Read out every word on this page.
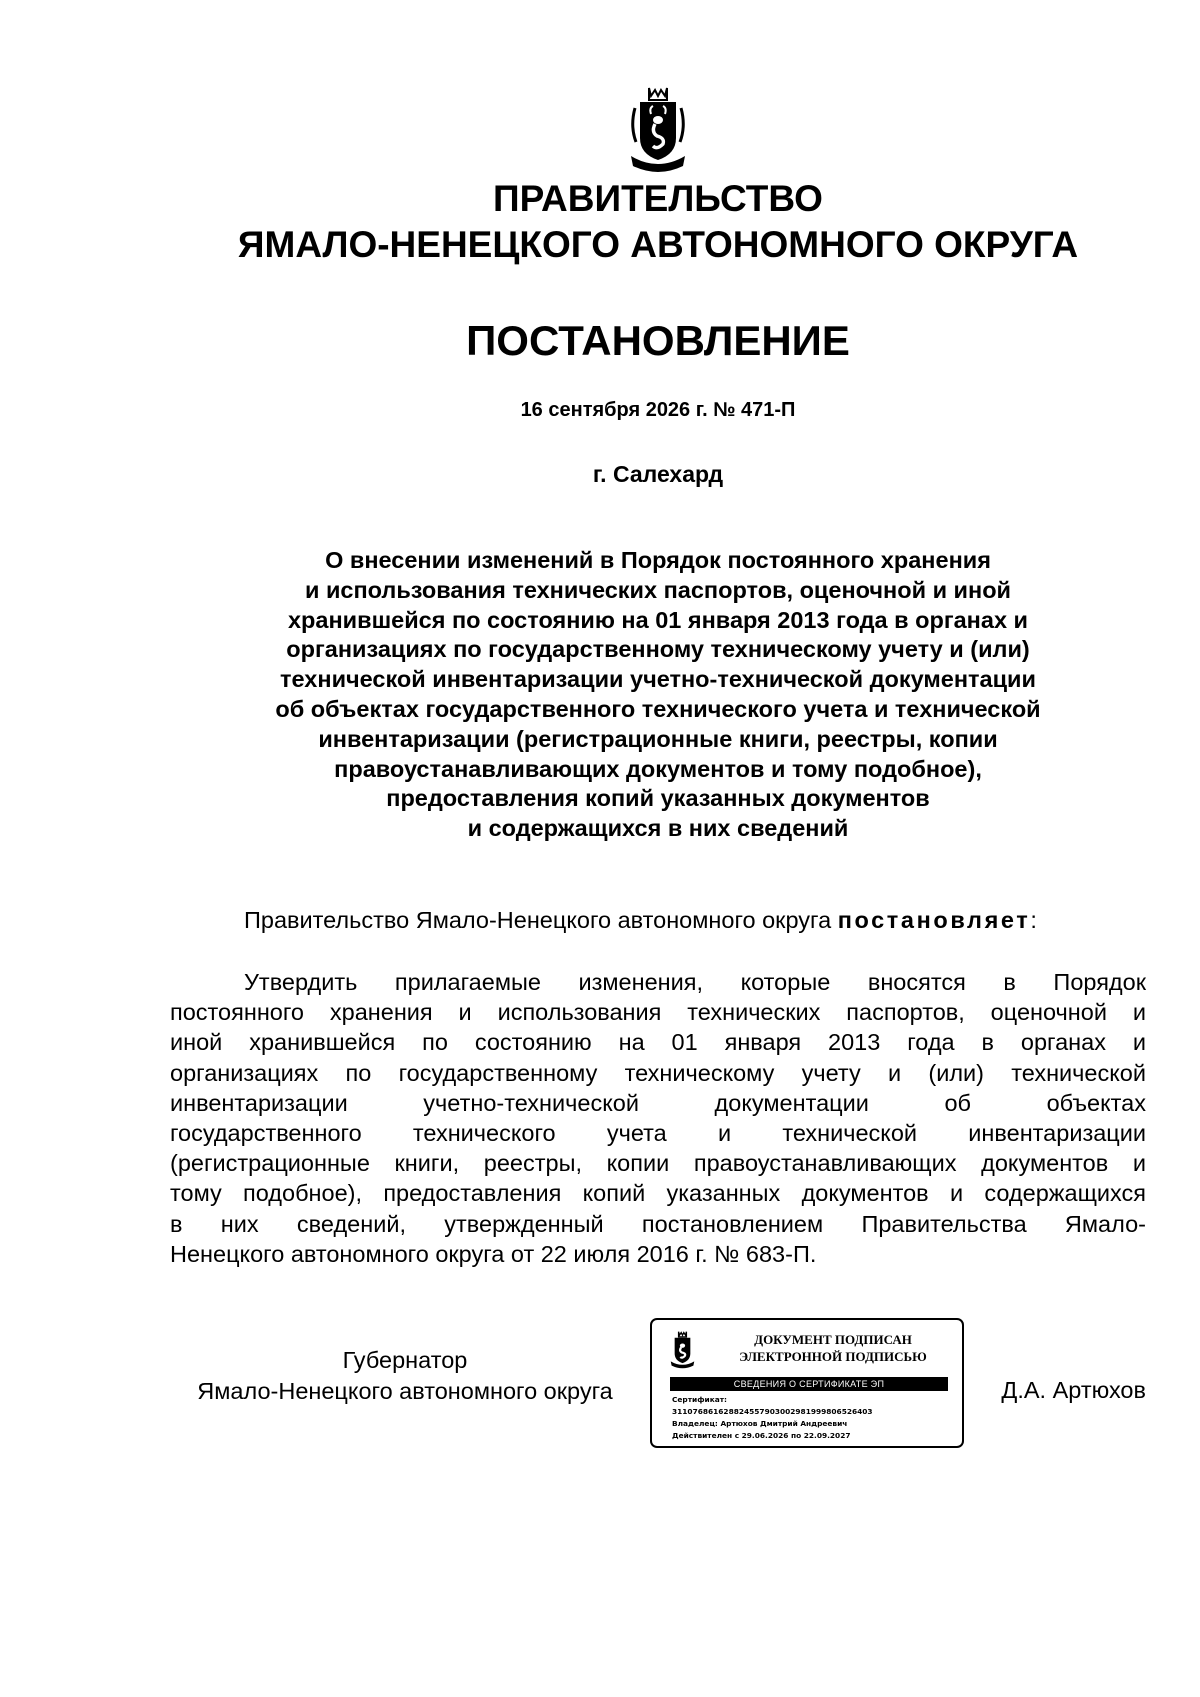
ПРАВИТЕЛЬСТВО
ЯМАЛО-НЕНЕЦКОГО АВТОНОМНОГО ОКРУГА
ПОСТАНОВЛЕНИЕ
16 сентября 2026 г. № 471-П
г. Салехард
О внесении изменений в Порядок постоянного хранения
и использования технических паспортов, оценочной и иной
хранившейся по состоянию на 01 января 2013 года в органах и
организациях по государственному техническому учету и (или)
технической инвентаризации учетно-технической документации
об объектах государственного технического учета и технической
инвентаризации (регистрационные книги, реестры, копии
правоустанавливающих документов и тому подобное),
предоставления копий указанных документов
и содержащихся в них сведений
Правительство Ямало-Ненецкого автономного округа постановляет:
Утвердить прилагаемые изменения, которые вносятся в Порядок
постоянного хранения и использования технических паспортов, оценочной и
иной хранившейся по состоянию на 01 января 2013 года в органах и
организациях по государственному техническому учету и (или) технической
инвентаризации учетно-технической документации об объектах
государственного технического учета и технической инвентаризации
(регистрационные книги, реестры, копии правоустанавливающих документов и
тому подобное), предоставления копий указанных документов и содержащихся
в них сведений, утвержденный постановлением Правительства Ямало-
Ненецкого автономного округа от 22 июля 2016 г. № 683-П.
Губернатор
Ямало-Ненецкого автономного округа
ДОКУМЕНТ ПОДПИСАН
ЭЛЕКТРОННОЙ ПОДПИСЬЮ
СВЕДЕНИЯ О СЕРТИФИКАТЕ ЭП
Сертификат:
311076861628824557903002981999806526403
Владелец: Артюхов Дмитрий Андреевич
Действителен с 29.06.2026 по 22.09.2027
Д.А. Артюхов
